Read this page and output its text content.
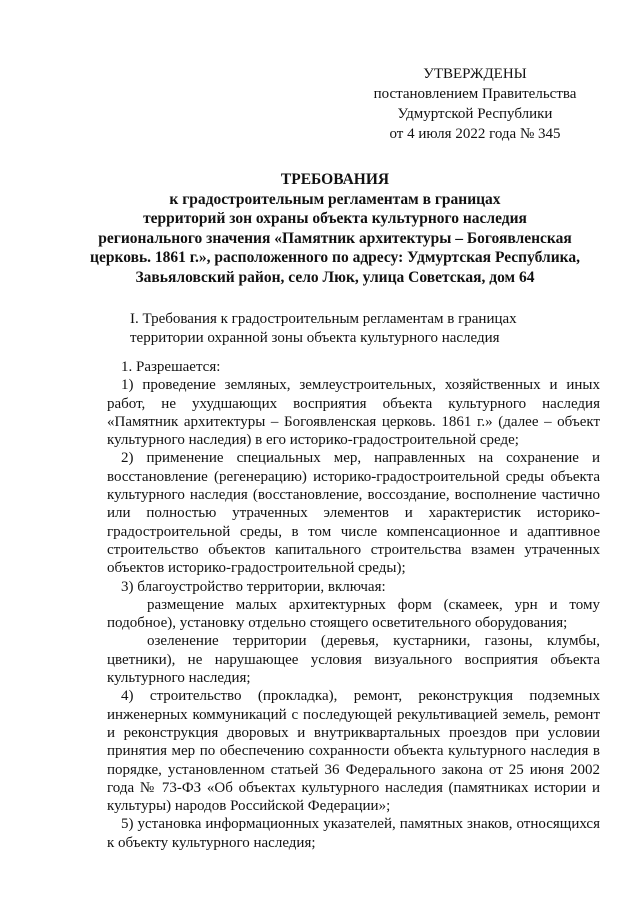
УТВЕРЖДЕНЫ
постановлением Правительства
Удмуртской Республики
от 4 июля 2022 года № 345
ТРЕБОВАНИЯ
к градостроительным регламентам в границах
территорий зон охраны объекта культурного наследия
регионального значения «Памятник архитектуры – Богоявленская
церковь. 1861 г.», расположенного по адресу: Удмуртская Республика,
Завьяловский район, село Люк, улица Советская, дом 64
I. Требования к градостроительным регламентам в границах
территории охранной зоны объекта культурного наследия

1. Разрешается:

1) проведение земляных, землеустроительных, хозяйственных и иных работ, не ухудшающих восприятия объекта культурного наследия «Памятник архитектуры – Богоявленская церковь. 1861 г.» (далее – объект культурного наследия) в его историко-градостроительной среде;

2) применение специальных мер, направленных на сохранение и восстановление (регенерацию) историко-градостроительной среды объекта культурного наследия (восстановление, воссоздание, восполнение частично или полностью утраченных элементов и характеристик историко-градостроительной среды, в том числе компенсационное и адаптивное строительство объектов капитального строительства взамен утраченных объектов историко-градостроительной среды);

3) благоустройство территории, включая:

размещение малых архитектурных форм (скамеек, урн и тому подобное), установку отдельно стоящего осветительного оборудования;

озеленение территории (деревья, кустарники, газоны, клумбы, цветники), не нарушающее условия визуального восприятия объекта культурного наследия;

4) строительство (прокладка), ремонт, реконструкция подземных инженерных коммуникаций с последующей рекультивацией земель, ремонт и реконструкция дворовых и внутриквартальных проездов при условии принятия мер по обеспечению сохранности объекта культурного наследия в порядке, установленном статьей 36 Федерального закона от 25 июня 2002 года № 73-ФЗ «Об объектах культурного наследия (памятниках истории и культуры) народов Российской Федерации»;

5) установка информационных указателей, памятных знаков, относящихся к объекту культурного наследия;
